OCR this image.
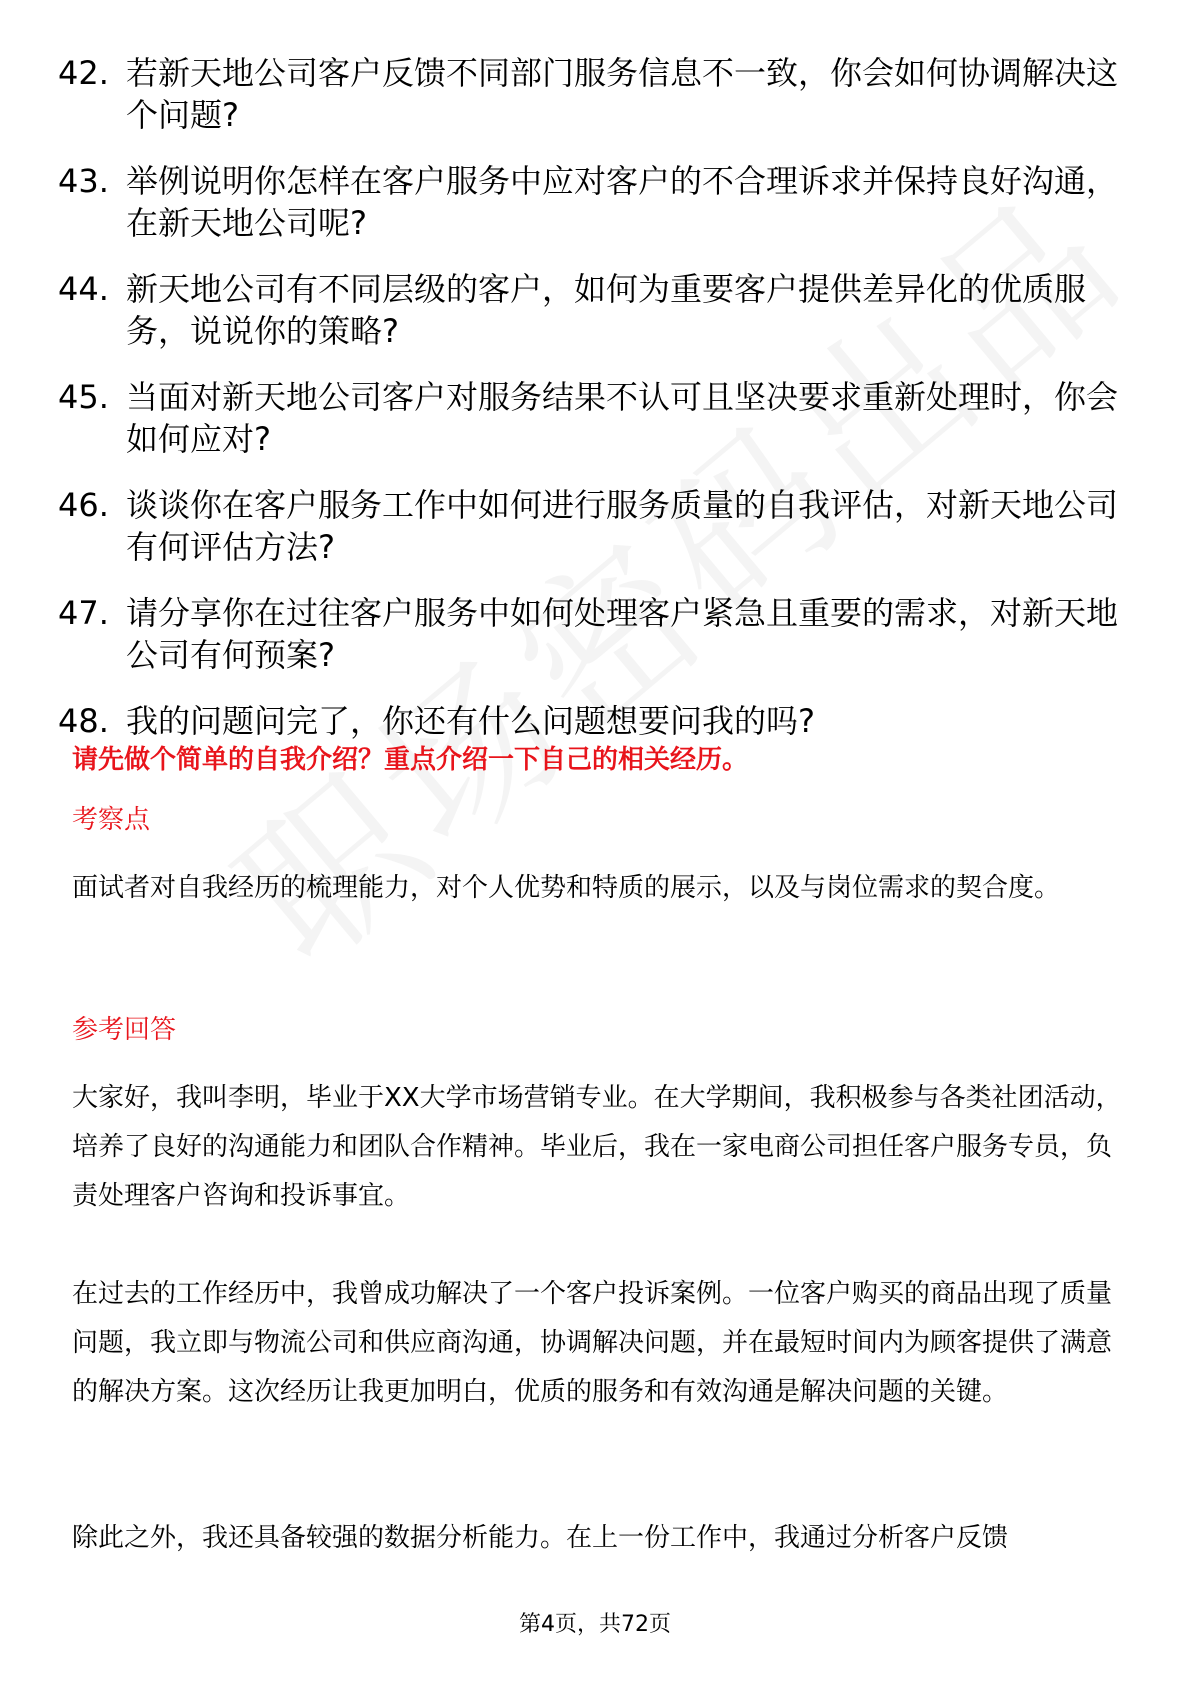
42. 若新天地公司客户反馈不同部门服务信息不一致，你会如何协调解决这个问题?
43. 举例说明你怎样在客户服务中应对客户的不合理诉求并保持良好沟通，在新天地公司呢?
44. 新天地公司有不同层级的客户，如何为重要客户提供差异化的优质服务，说说你的策略?
45. 当面对新天地公司客户对服务结果不认可且坚决要求重新处理时，你会如何应对?
46. 谈谈你在客户服务工作中如何进行服务质量的自我评估，对新天地公司有何评估方法?
47. 请分享你在过往客户服务中如何处理客户紧急且重要的需求，对新天地公司有何预案?
48. 我的问题问完了，你还有什么问题想要问我的吗?
请先做个简单的自我介绍？重点介绍一下自己的相关经历。
考察点

面试者对自我经历的梳理能力，对个人优势和特质的展示，以及与岗位需求的契合度。

参考回答

大家好，我叫李明，毕业于XX大学市场营销专业。在大学期间，我积极参与各类社团活动，培养了良好的沟通能力和团队合作精神。毕业后，我在一家电商公司担任客户服务专员，负责处理客户咨询和投诉事宜。

在过去的工作经历中，我曾成功解决了一个客户投诉案例。一位客户购买的商品出现了质量问题，我立即与物流公司和供应商沟通，协调解决问题，并在最短时间内为顾客提供了满意的解决方案。这次经历让我更加明白，优质的服务和有效沟通是解决问题的关键。

除此之外，我还具备较强的数据分析能力。在上一份工作中，我通过分析客户反馈

第4页，共72页
